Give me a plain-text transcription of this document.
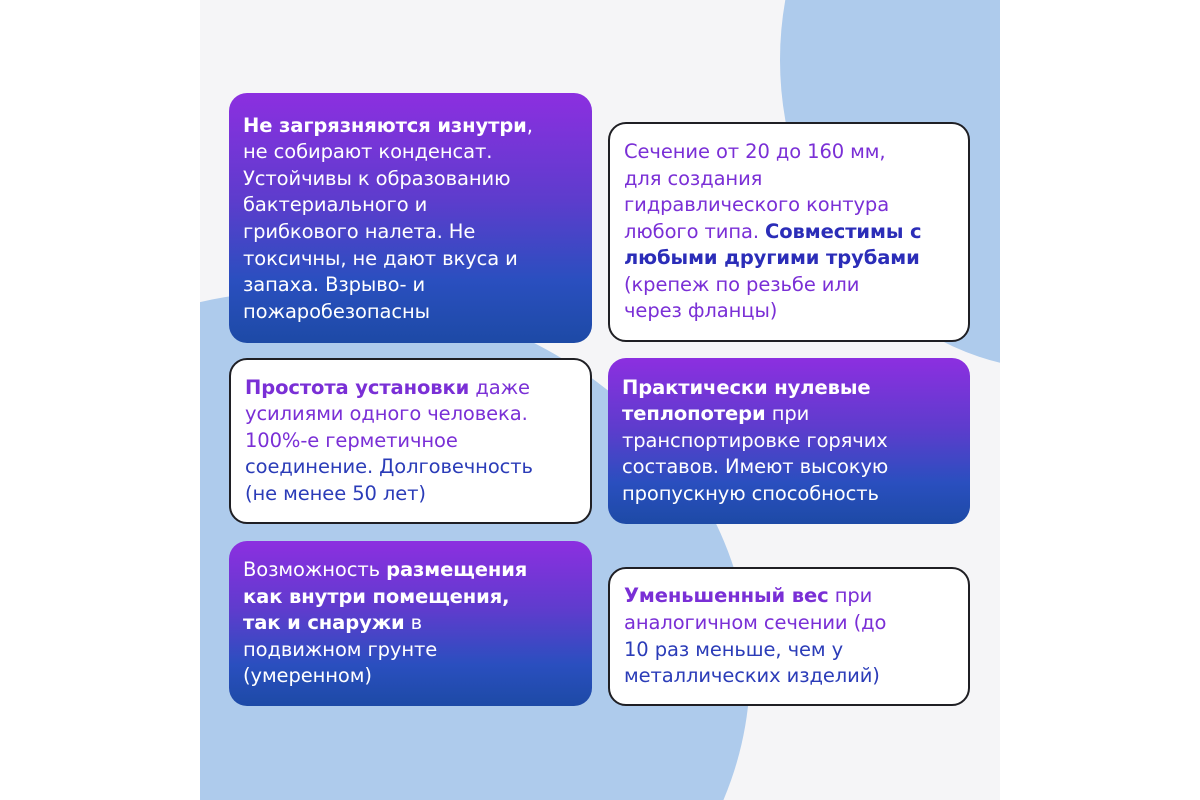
Не загрязняются изнутри,
не собирают конденсат.
Устойчивы к образованию
бактериального и
грибкового налета. Не
токсичны, не дают вкуса и
запаха. Взрыво- и
пожаробезопасны
Сечение от 20 до 160 мм,
для создания
гидравлического контура
любого типа. Совместимы с
любыми другими трубами
(крепеж по резьбе или
через фланцы)
Практически нулевые
теплопотери при
транспортировке горячих
составов. Имеют высокую
пропускную способность
Простота установки даже
усилиями одного человека.
100%-е герметичное
соединение. Долговечность
(не менее 50 лет)
Возможность размещения
как внутри помещения,
так и снаружи в
подвижном грунте
(умеренном)
Уменьшенный вес при
аналогичном сечении (до
10 раз меньше, чем у
металлических изделий)
